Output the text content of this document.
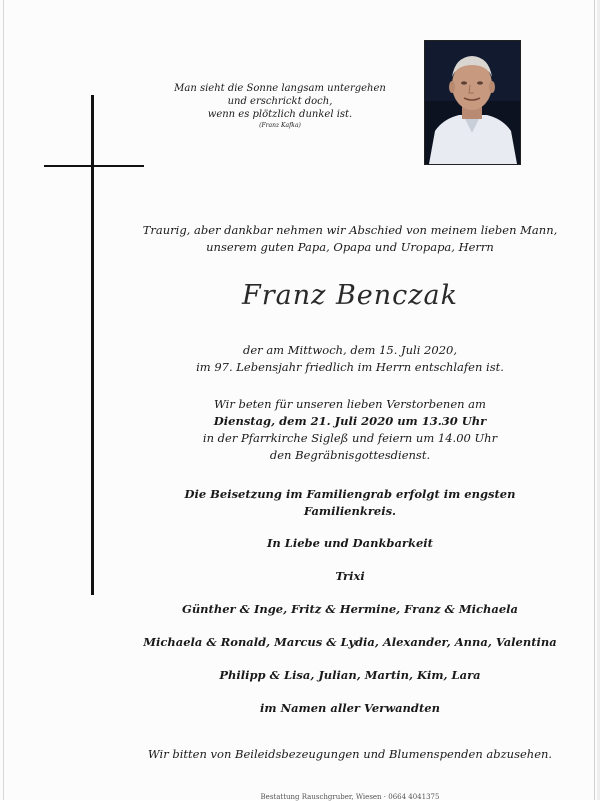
Man sieht die Sonne langsam untergehen
und erschrickt doch,
wenn es plötzlich dunkel ist.
(Franz Kafka)
Traurig, aber dankbar nehmen wir Abschied von meinem lieben Mann,
unserem guten Papa, Opapa und Uropapa, Herrn
Franz Benczak
der am Mittwoch, dem 15. Juli 2020,
im 97. Lebensjahr friedlich im Herrn entschlafen ist.
Wir beten für unseren lieben Verstorbenen am
Dienstag, dem 21. Juli 2020 um 13.30 Uhr
in der Pfarrkirche Sigleß und feiern um 14.00 Uhr
den Begräbnisgottesdienst.
Die Beisetzung im Familiengrab erfolgt im engsten Familienkreis.
In Liebe und Dankbarkeit
Trixi
Günther & Inge, Fritz & Hermine, Franz & Michaela
Michaela & Ronald, Marcus & Lydia, Alexander, Anna, Valentina
Philipp & Lisa, Julian, Martin, Kim, Lara
im Namen aller Verwandten
Wir bitten von Beileidsbezeugungen und Blumenspenden abzusehen.
Bestattung Rauschgruber, Wiesen · 0664 4041375
